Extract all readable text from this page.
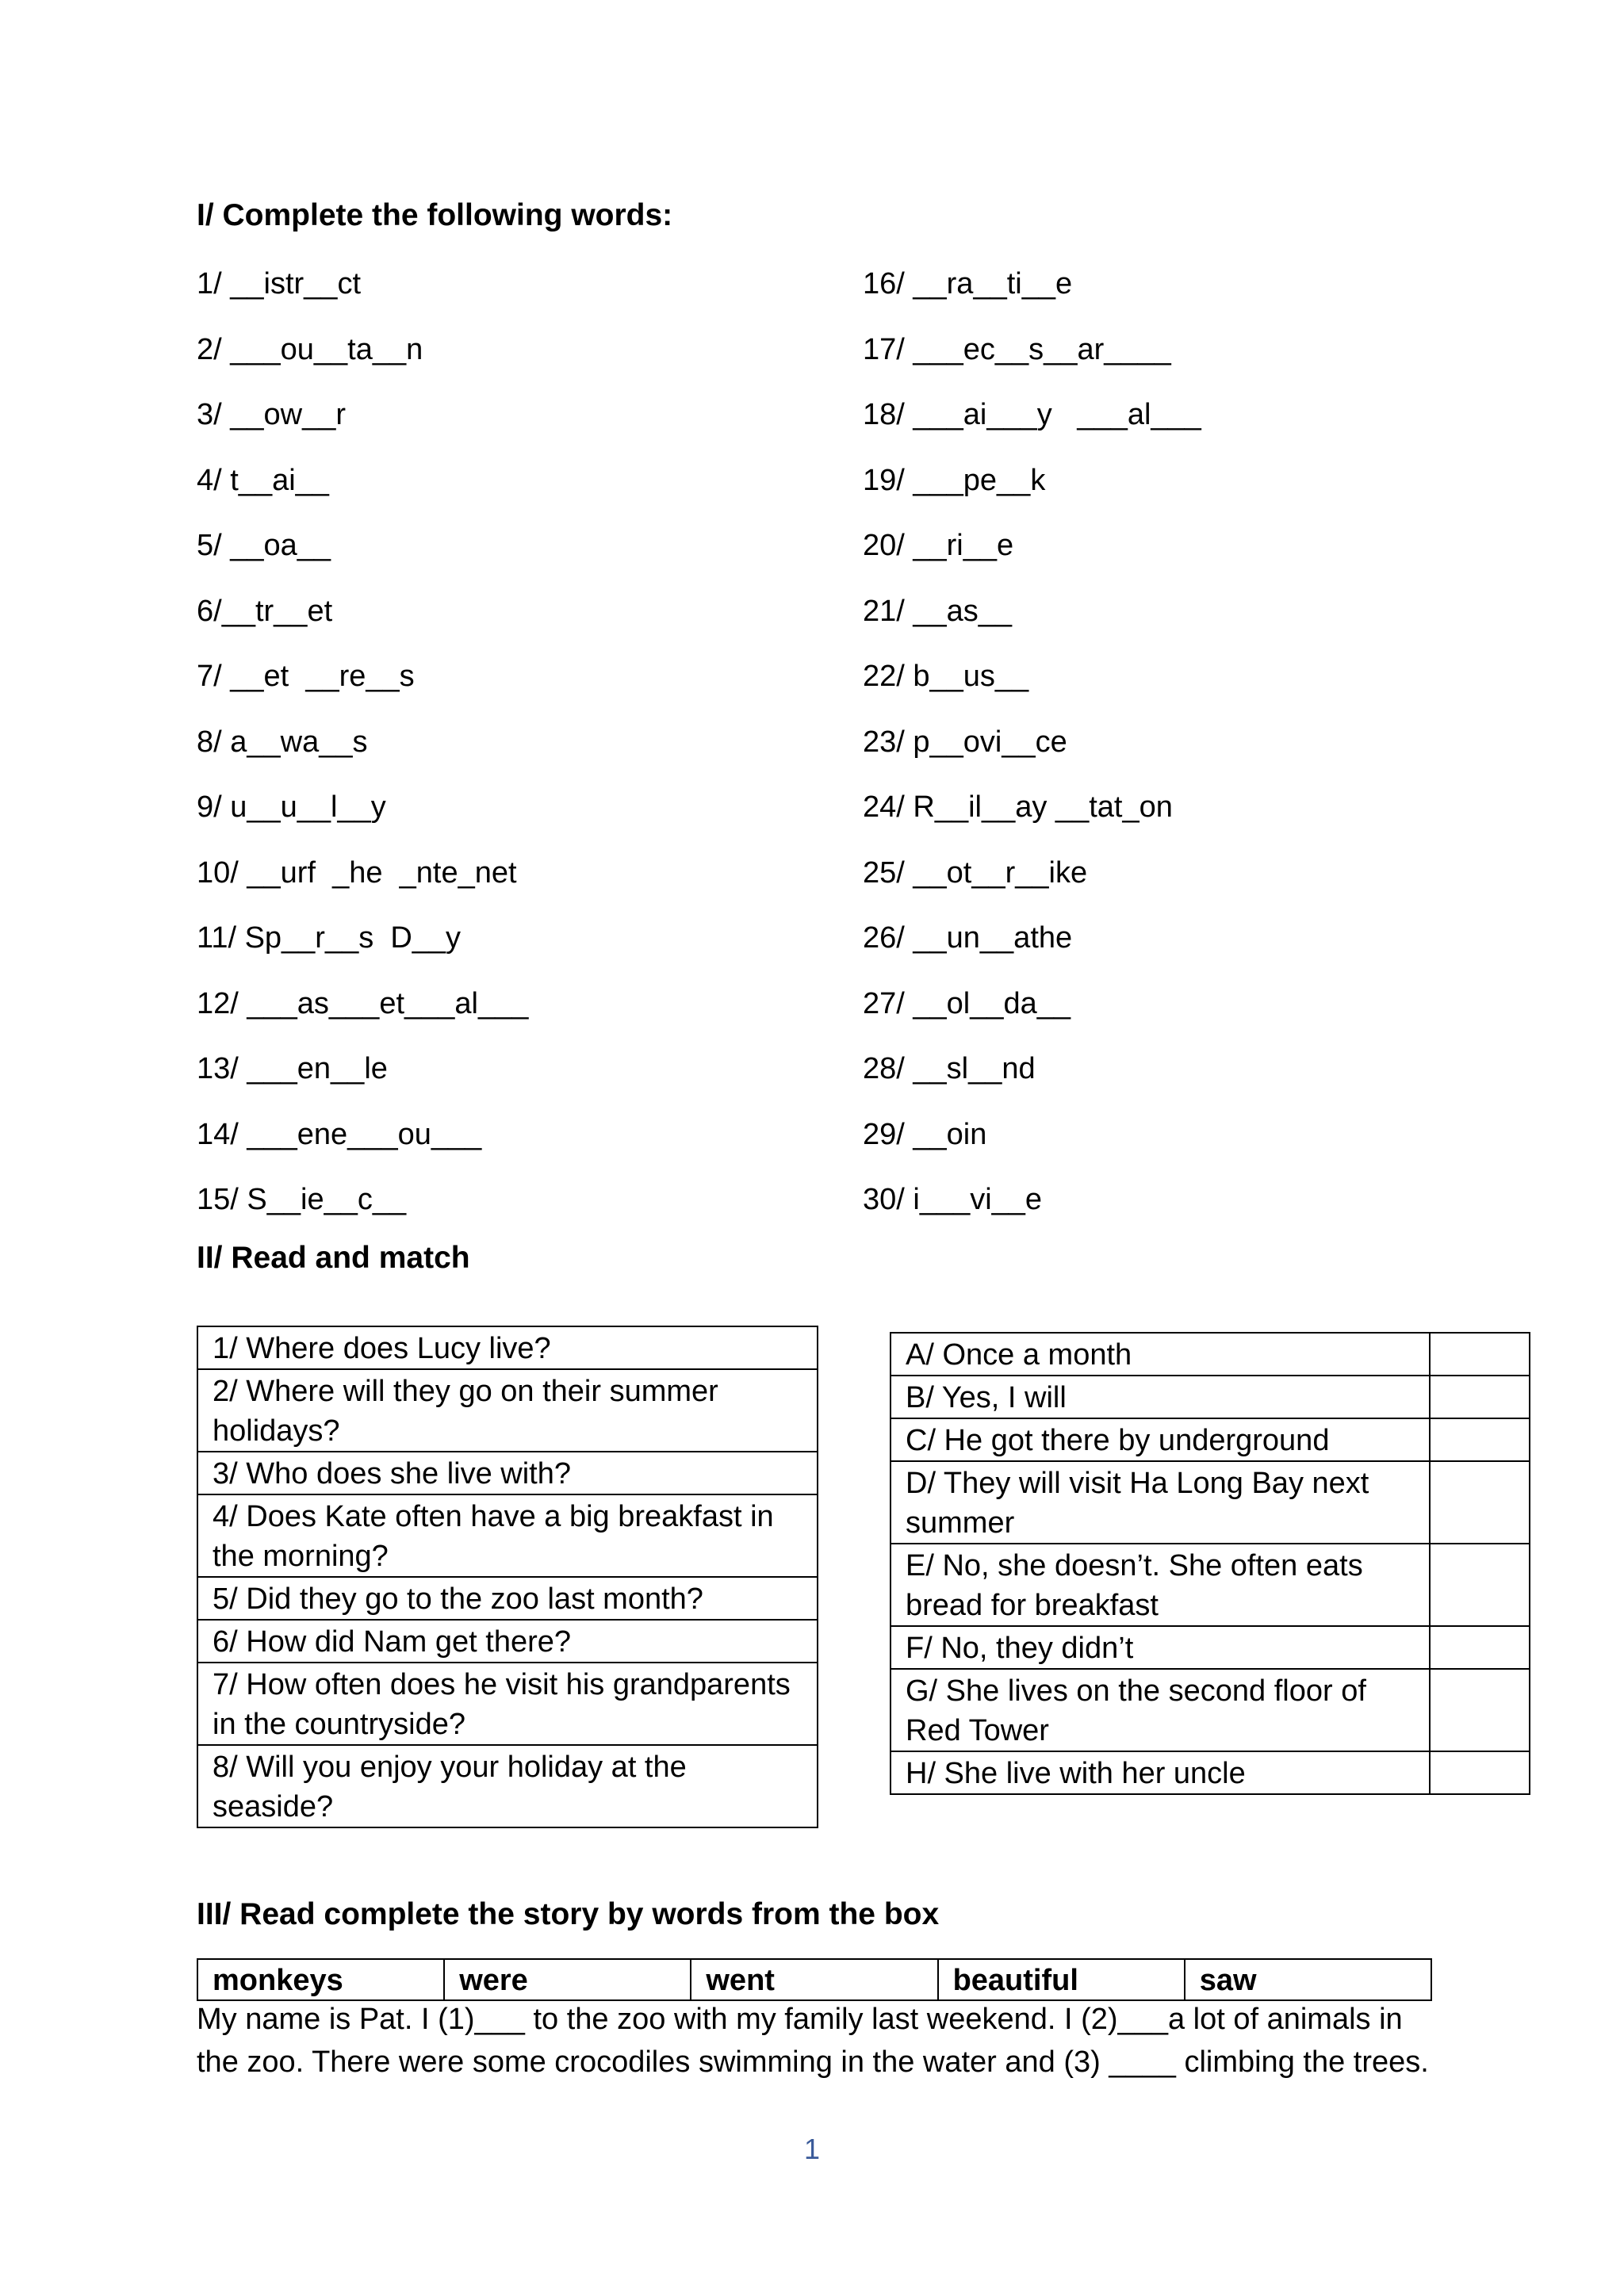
I/ Complete the following words:
1/ __istr__ct
2/ ___ou__ta__n
3/ __ow__r
4/ t__ai__
5/ __oa__
6/__tr__et
7/ __et  __re__s
8/ a__wa__s
9/ u__u__l__y
10/ __urf  _he  _nte_net
11/ Sp__r__s  D__y
12/ ___as___et___al___
13/ ___en__le
14/ ___ene___ou___
15/ S__ie__c__
16/ __ra__ti__e
17/ ___ec__s__ar____
18/ ___ai___y   ___al___
19/ ___pe__k
20/ __ri__e
21/ __as__
22/ b__us__
23/ p__ovi__ce
24/ R__il__ay __tat_on
25/ __ot__r__ike
26/ __un__athe
27/ __ol__da__
28/ __sl__nd
29/ __oin
30/ i___vi__e
II/ Read and match
1/ Where does Lucy live?
2/ Where will they go on their summer holidays?
3/ Who does she live with?
4/ Does Kate often have a big breakfast in the morning?
5/ Did they go to the zoo last month?
6/ How did Nam get there?
7/ How often does he visit his grandparents in the countryside?
8/ Will you enjoy your holiday at the seaside?
A/ Once a month	
B/ Yes, I will	
C/ He got there by underground	
D/ They will visit Ha Long Bay next summer	
E/ No, she doesn’t. She often eats bread for breakfast	
F/ No, they didn’t	
G/ She lives on the second floor of Red Tower	
H/ She live with her uncle	
III/ Read complete the story by words from the box
monkeys	were	went	beautiful	saw
My name is Pat. I (1)___ to the zoo with my family last weekend. I (2)___a lot of animals in the zoo. There were some crocodiles swimming in the water and (3) ____ climbing the trees.
1
